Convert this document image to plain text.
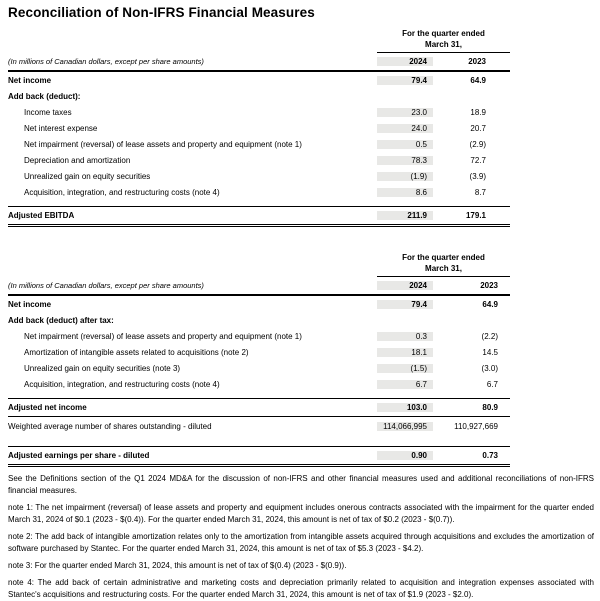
Reconciliation of Non-IFRS Financial Measures
For the quarter ended
March 31,
(In millions of Canadian dollars, except per share amounts)	2024	2023
Net income	79.4	64.9
Add back (deduct):
Income taxes	23.0	18.9
Net interest expense	24.0	20.7
Net impairment (reversal) of lease assets and property and equipment (note 1)	0.5	(2.9)
Depreciation and amortization	78.3	72.7
Unrealized gain on equity securities	(1.9)	(3.9)
Acquisition, integration, and restructuring costs (note 4)	8.6	8.7
Adjusted EBITDA	211.9	179.1
For the quarter ended
March 31,
(In millions of Canadian dollars, except per share amounts)	2024	2023
Net income	79.4	64.9
Add back (deduct) after tax:
Net impairment (reversal) of lease assets and property and equipment (note 1)	0.3	(2.2)
Amortization of intangible assets related to acquisitions (note 2)	18.1	14.5
Unrealized gain on equity securities (note 3)	(1.5)	(3.0)
Acquisition, integration, and restructuring costs (note 4)	6.7	6.7
Adjusted net income	103.0	80.9
Weighted average number of shares outstanding - diluted	114,066,995	110,927,669
Adjusted earnings per share - diluted	0.90	0.73

See the Definitions section of the Q1 2024 MD&A for the discussion of non-IFRS and other financial measures used and additional reconciliations of non-IFRS financial measures.

note 1: The net impairment (reversal) of lease assets and property and equipment includes onerous contracts associated with the impairment for the quarter ended March 31, 2024 of $0.1 (2023 - $(0.4)). For the quarter ended March 31, 2024, this amount is net of tax of $0.2 (2023 - $(0.7)).

note 2: The add back of intangible amortization relates only to the amortization from intangible assets acquired through acquisitions and excludes the amortization of software purchased by Stantec. For the quarter ended March 31, 2024, this amount is net of tax of $5.3 (2023 - $4.2).

note 3: For the quarter ended March 31, 2024, this amount is net of tax of $(0.4) (2023 - $(0.9)).

note 4: The add back of certain administrative and marketing costs and depreciation primarily related to acquisition and integration expenses associated with Stantec's acquisitions and restructuring costs. For the quarter ended March 31, 2024, this amount is net of tax of $1.9 (2023 - $2.0).
